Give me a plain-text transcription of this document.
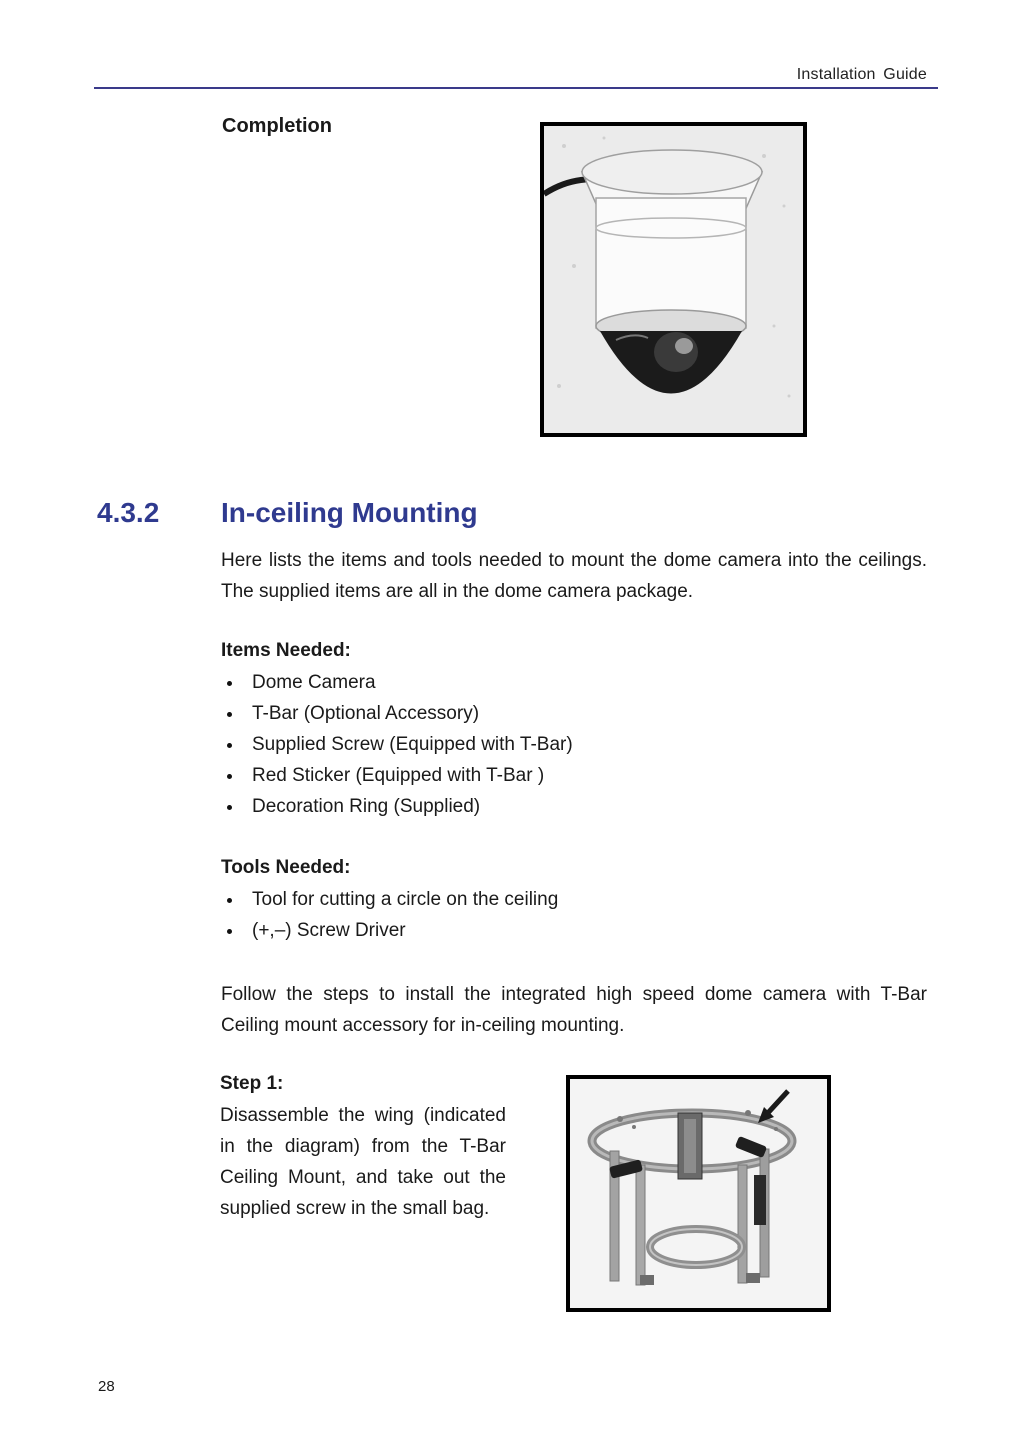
Installation Guide
Completion
4.3.2 In-ceiling Mounting

Here lists the items and tools needed to mount the dome camera into the ceilings. The supplied items are all in the dome camera package.

Items Needed:

Dome Camera
T-Bar (Optional Accessory)
Supplied Screw (Equipped with T-Bar)
Red Sticker (Equipped with T-Bar )
Decoration Ring (Supplied)

Tools Needed:

Tool for cutting a circle on the ceiling
(+,–) Screw Driver

Follow the steps to install the integrated high speed dome camera with T-Bar Ceiling mount accessory for in-ceiling mounting.

Step 1:

Disassemble the wing (indicated in the diagram) from the T-Bar Ceiling Mount, and take out the supplied screw in the small bag.

28
